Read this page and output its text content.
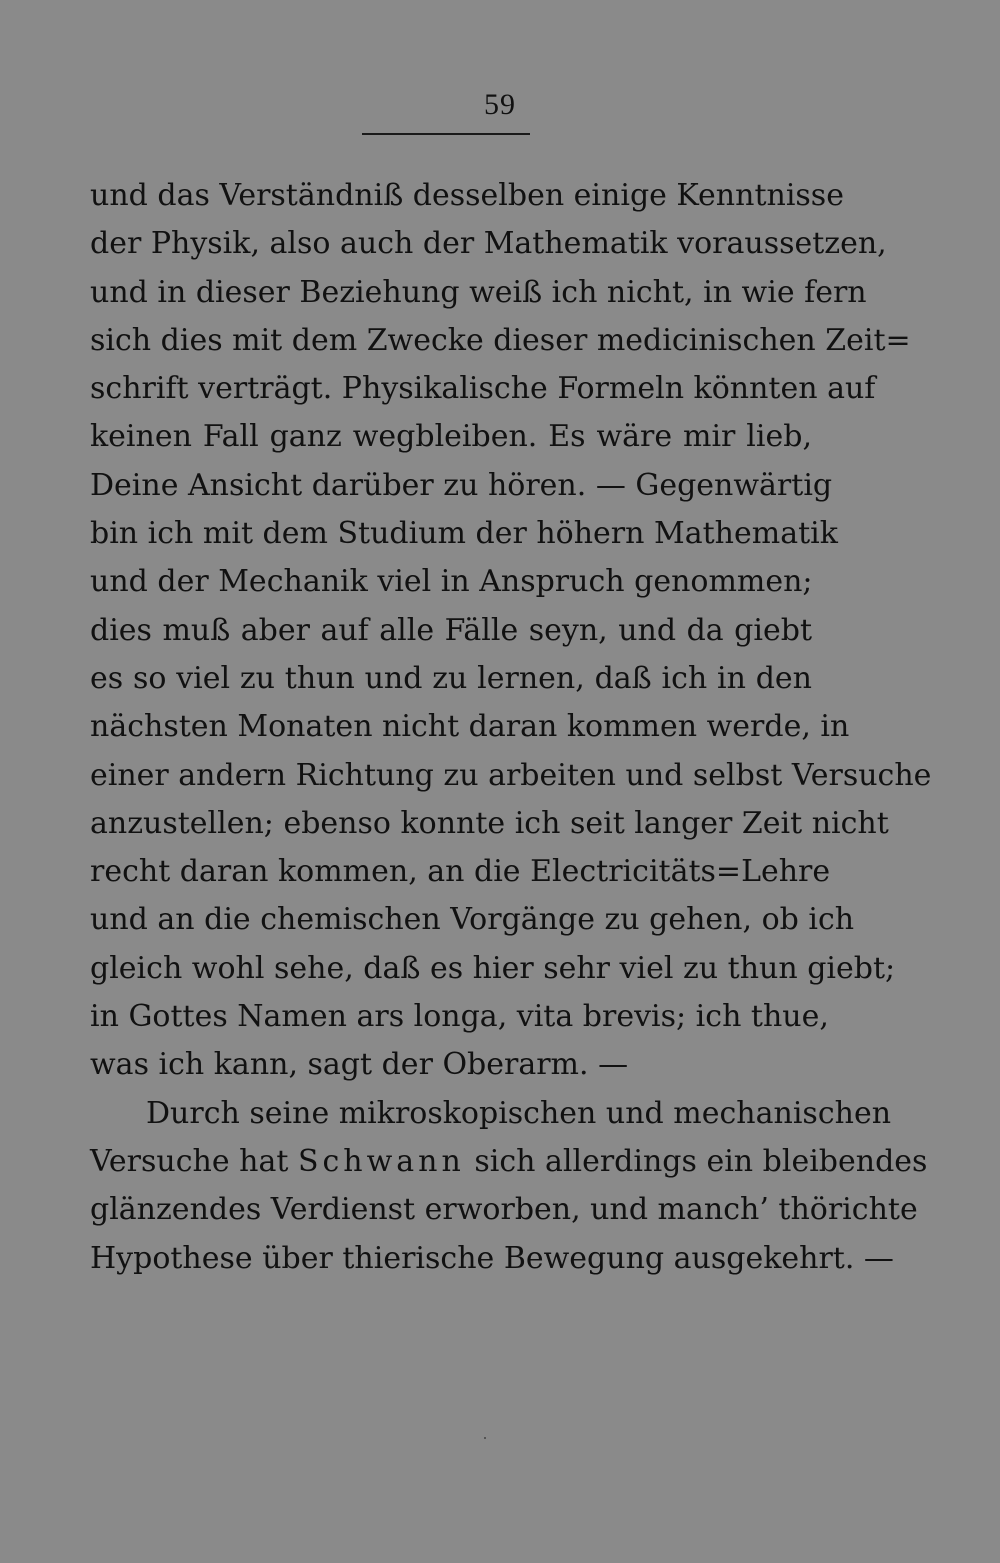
59
und das Verständniß desselben einige Kenntnisse
der Physik, also auch der Mathematik voraussetzen,
und in dieser Beziehung weiß ich nicht, in wie fern
sich dies mit dem Zwecke dieser medicinischen Zeit=
schrift verträgt. Physikalische Formeln könnten auf
keinen Fall ganz wegbleiben. Es wäre mir lieb,
Deine Ansicht darüber zu hören. — Gegenwärtig
bin ich mit dem Studium der höhern Mathematik
und der Mechanik viel in Anspruch genommen;
dies muß aber auf alle Fälle seyn, und da giebt
es so viel zu thun und zu lernen, daß ich in den
nächsten Monaten nicht daran kommen werde, in
einer andern Richtung zu arbeiten und selbst Versuche
anzustellen; ebenso konnte ich seit langer Zeit nicht
recht daran kommen, an die Electricitäts=Lehre
und an die chemischen Vorgänge zu gehen, ob ich
gleich wohl sehe, daß es hier sehr viel zu thun giebt;
in Gottes Namen ars longa, vita brevis; ich thue,
was ich kann, sagt der Oberarm. —
Durch seine mikroskopischen und mechanischen
Versuche hat Schwann sich allerdings ein bleibendes
glänzendes Verdienst erworben, und manch’ thörichte
Hypothese über thierische Bewegung ausgekehrt. —
